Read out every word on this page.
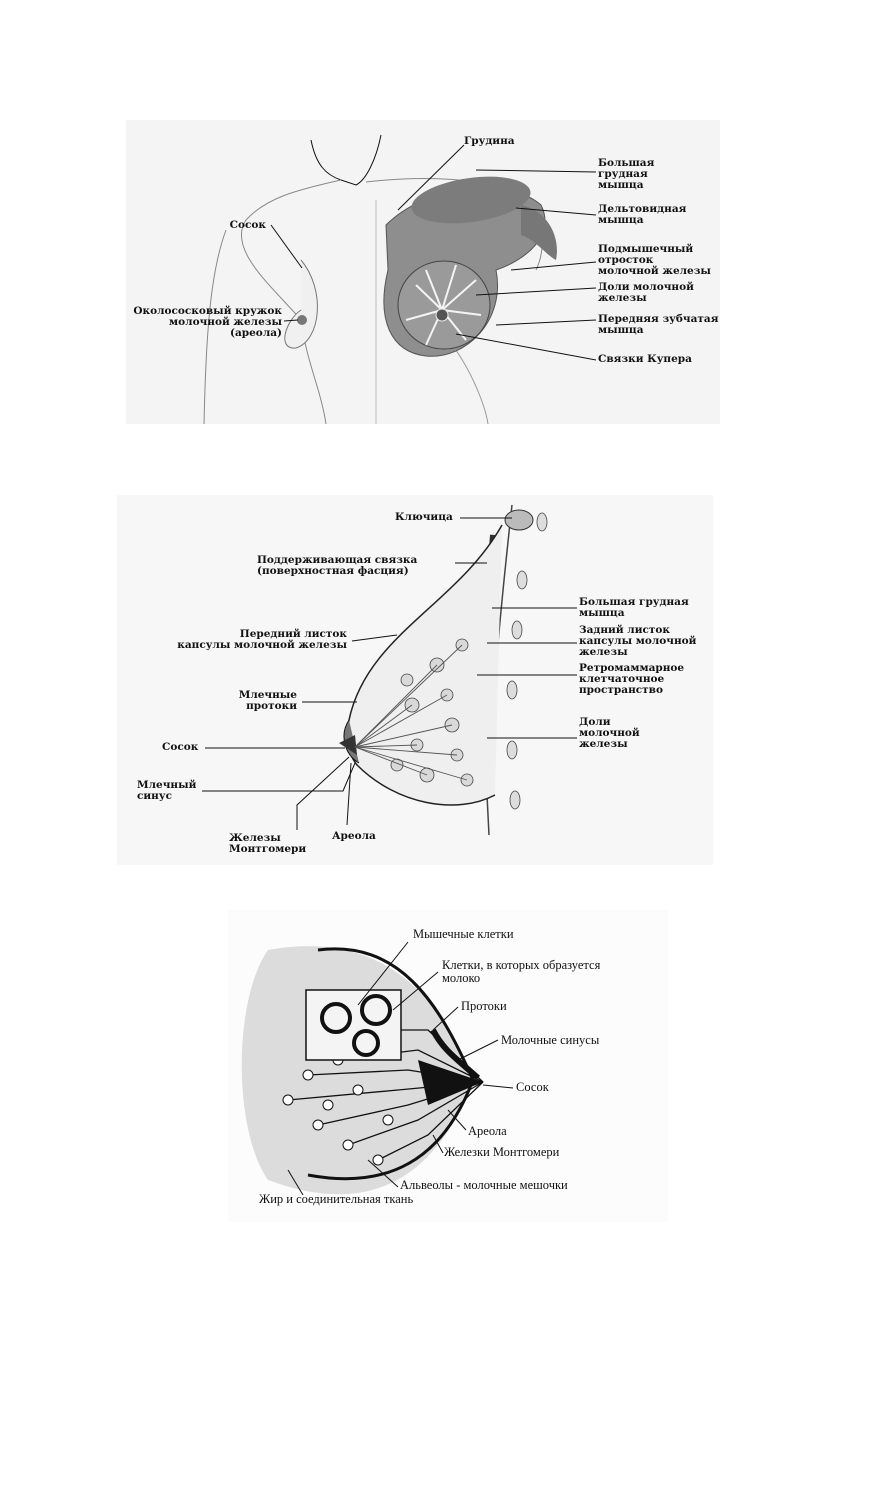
Грудина
Большая
грудная
мышца
Дельтовидная
мышца
Подмышечный
отросток
молочной железы
Доли молочной
железы
Передняя зубчатая
мышца
Связки Купера
Сосок
Околососковый кружок
молочной железы
(ареола)
Ключица
Поддерживающая связка
(поверхностная фасция)
Большая грудная
мышца
Задний листок
капсулы молочной
железы
Ретромаммарное
клетчаточное
пространство
Доли
молочной
железы
Передний листок
капсулы молочной железы
Млечные
протоки
Сосок
Млечный
синус
Железы
Монтгомери
Ареола
Мышечные клетки
Клетки, в которых образуется
молоко
Протоки
Молочные синусы
Сосок
Ареола
Железки Монтгомери
Альвеолы - молочные мешочки
Жир и соединительная ткань
